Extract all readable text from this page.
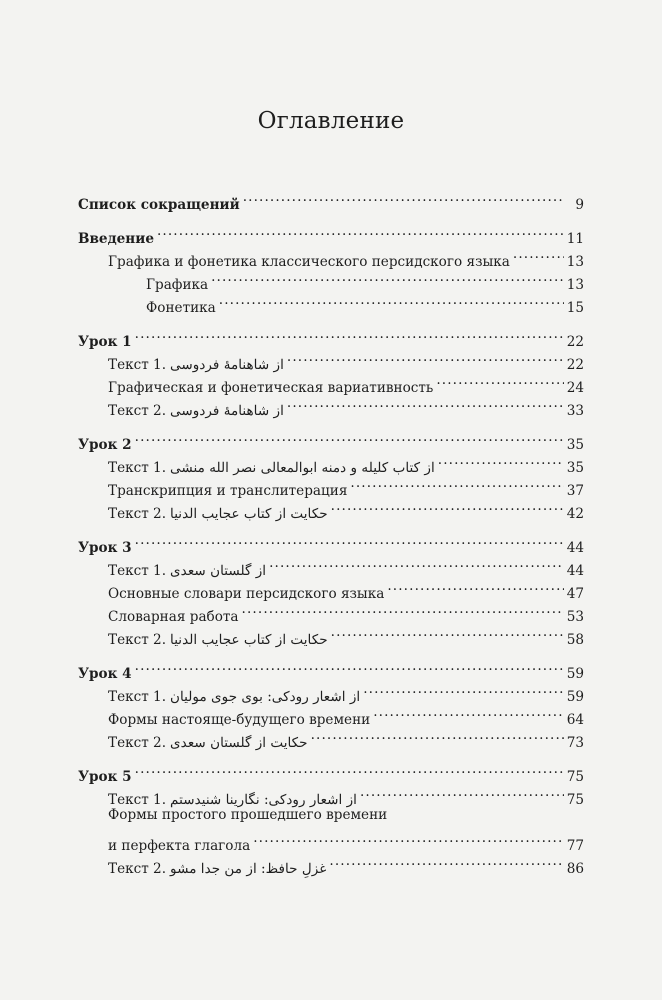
Оглавление
Список сокращений . . .	9
Введение . . .	11
Графика и фонетика классического персидского языка . . .	13
Графика . . .	13
Фонетика . . .	15
Урок 1 . . .	22
Текст 1. از شاهنامهٔ فردوسی . . .	22
Графическая и фонетическая вариативность . . .	24
Текст 2. از شاهنامهٔ فردوسی . . .	33
Урок 2 . . .	35
Текст 1. از کتاب کلیله و دمنه ابوالمعالی نصر الله منشی . . .	35
Транскрипция и транслитерация . . .	37
Текст 2. حکایت از کتاب عجایب الدنیا . . .	42
Урок 3 . . .	44
Текст 1. از گلستان سعدی . . .	44
Основные словари персидского языка . . .	47
Словарная работа . . .	53
Текст 2. حکایت از کتاب عجایب الدنیا . . .	58
Урок 4 . . .	59
Текст 1. از اشعار رودکی: بوی جوی مولیان . . .	59
Формы настояще-будущего времени . . .	64
Текст 2. حکایت از گلستان سعدی . . .	73
Урок 5 . . .	75
Текст 1. از اشعار رودکی: نگارینا شنیدستم . . .	75
Формы простого прошедшего времени
и перфекта глагола . . .	77
Текст 2. غزلِ حافظ: از من جدا مشو . . .	86
